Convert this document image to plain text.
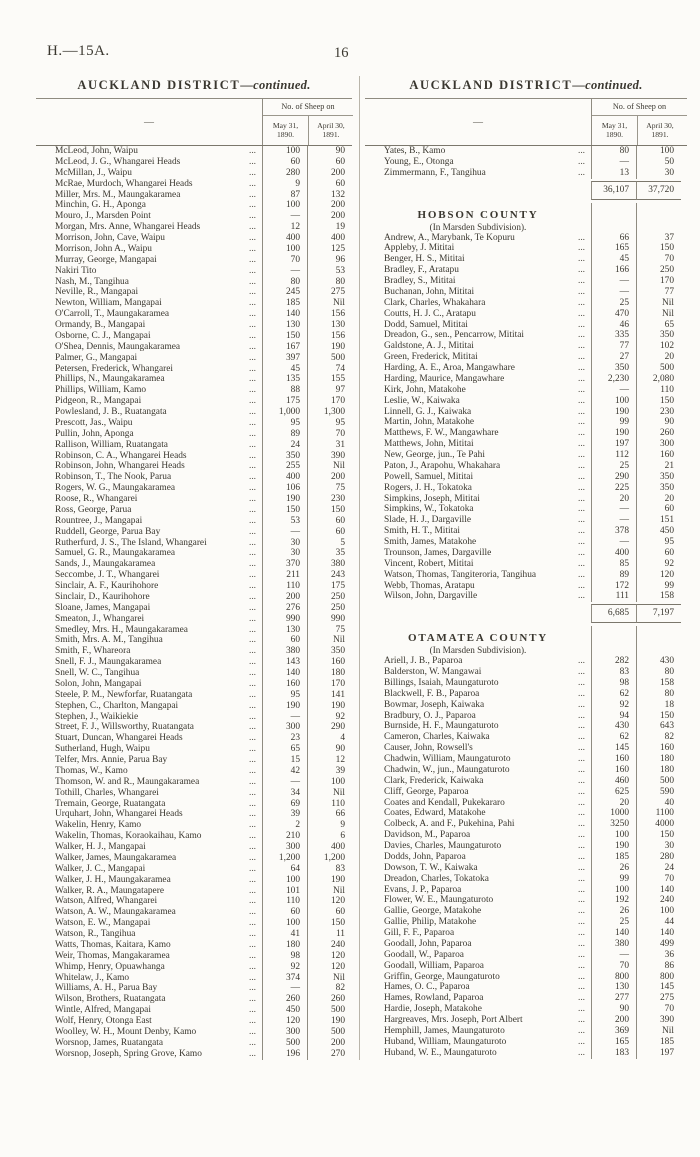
H.—15A.	16
AUCKLAND DISTRICT—continued.
—
No. of Sheep on
May 31,
1890.
April 30,
1891.
McLeod, John, Waipu	...	100	90
McLeod, J. G., Whangarei Heads	...	60	60
McMillan, J., Waipu	...	280	200
McRae, Murdoch, Whangarei Heads	...	9	60
Miller, Mrs. M., Maungakaramea	...	87	132
Minchin, G. H., Aponga	...	100	200
Mouro, J., Marsden Point	...	—	200
Morgan, Mrs. Anne, Whangarei Heads	...	12	19
Morrison, John, Cave, Waipu	...	400	400
Morrison, John A., Waipu	...	100	125
Murray, George, Mangapai	...	70	96
Nakiri Tito	...	—	53
Nash, M., Tangihua	...	80	80
Neville, R., Mangapai	...	245	275
Newton, William, Mangapai	...	185	Nil
O'Carroll, T., Maungakaramea	...	140	156
Ormandy, B., Mangapai	...	130	130
Osborne, C. J., Mangapai	...	150	156
O'Shea, Dennis, Maungakaramea	...	167	190
Palmer, G., Mangapai	...	397	500
Petersen, Frederick, Whangarei	...	45	74
Phillips, N., Maungakaramea	...	135	155
Phillips, William, Kamo	...	88	97
Pidgeon, R., Mangapai	...	175	170
Powlesland, J. B., Ruatangata	...	1,000	1,300
Prescott, Jas., Waipu	...	95	95
Pullin, John, Aponga	...	89	70
Rallison, William, Ruatangata	...	24	31
Robinson, C. A., Whangarei Heads	...	350	390
Robinson, John, Whangarei Heads	...	255	Nil
Robinson, T., The Nook, Parua	...	400	200
Rogers, W. G., Maungakaramea	...	106	75
Roose, R., Whangarei	...	190	230
Ross, George, Parua	...	150	150
Rountree, J., Mangapai	...	53	60
Ruddell, George, Parua Bay	...	—	60
Rutherfurd, J. S., The Island, Whangarei	...	30	5
Samuel, G. R., Maungakaramea	...	30	35
Sands, J., Maungakaramea	...	370	380
Seccombe, J. T., Whangarei	...	211	243
Sinclair, A. F., Kaurihohore	...	110	175
Sinclair, D., Kaurihohore	...	200	250
Sloane, James, Mangapai	...	276	250
Smeaton, J., Whangarei	...	990	990
Smedley, Mrs. H., Maungakaramea	...	130	75
Smith, Mrs. A. M., Tangihua	...	60	Nil
Smith, F., Whareora	...	380	350
Snell, F. J., Maungakaramea	...	143	160
Snell, W. C., Tangihua	...	140	180
Solon, John, Mangapai	...	160	170
Steele, P. M., Newforfar, Ruatangata	...	95	141
Stephen, C., Charlton, Mangapai	...	190	190
Stephen, J., Waikiekie	...	—	92
Street, F. J., Willsworthy, Ruatangata	...	300	290
Stuart, Duncan, Whangarei Heads	...	23	4
Sutherland, Hugh, Waipu	...	65	90
Telfer, Mrs. Annie, Parua Bay	...	15	12
Thomas, W., Kamo	...	42	39
Thomson, W. and R., Maungakaramea	...	—	100
Tothill, Charles, Whangarei	...	34	Nil
Tremain, George, Ruatangata	...	69	110
Urquhart, John, Whangarei Heads	...	39	66
Wakelin, Henry, Kamo	...	2	9
Wakelin, Thomas, Koraokaihau, Kamo	...	210	6
Walker, H. J., Mangapai	...	300	400
Walker, James, Maungakaramea	...	1,200	1,200
Walker, J. C., Mangapai	...	64	83
Walker, J. H., Maungakaramea	...	100	190
Walker, R. A., Maungatapere	...	101	Nil
Watson, Alfred, Whangarei	...	110	120
Watson, A. W., Maungakaramea	...	60	60
Watson, E. W., Mangapai	...	100	150
Watson, R., Tangihua	...	41	11
Watts, Thomas, Kaitara, Kamo	...	180	240
Weir, Thomas, Mangakaramea	...	98	120
Whimp, Henry, Opuawhanga	...	92	120
Whitelaw, J., Kamo	...	374	Nil
Williams, A. H., Parua Bay	...	—	82
Wilson, Brothers, Ruatangata	...	260	260
Wintle, Alfred, Mangapai	...	450	500
Wolf, Henry, Otonga East	...	120	190
Woolley, W. H., Mount Denby, Kamo	...	300	500
Worsnop, James, Ruatangata	...	500	200
Worsnop, Joseph, Spring Grove, Kamo	...	196	270
AUCKLAND DISTRICT—continued.
—
No. of Sheep on
May 31,
1890.
April 30,
1891.
Yates, B., Kamo	...	80	100
Young, E., Otonga	...	—	50
Zimmermann, F., Tangihua	...	13	30
36,107	37,720
HOBSON COUNTY
(In Marsden Subdivision).
Andrew, A., Marybank, Te Kopuru	...	66	37
Appleby, J. Mititai	...	165	150
Benger, H. S., Mititai	...	45	70
Bradley, F., Aratapu	...	166	250
Bradley, S., Mititai	...	—	170
Buchanan, John, Mititai	...	—	77
Clark, Charles, Whakahara	...	25	Nil
Coutts, H. J. C., Aratapu	...	470	Nil
Dodd, Samuel, Mititai	...	46	65
Dreadon, G., sen., Pencarrow, Mititai	...	335	350
Galdstone, A. J., Mititai	...	77	102
Green, Frederick, Mititai	...	27	20
Harding, A. E., Aroa, Mangawhare	...	350	500
Harding, Maurice, Mangawhare	...	2,230	2,080
Kirk, John, Matakohe	...	—	110
Leslie, W., Kaiwaka	...	100	150
Linnell, G. J., Kaiwaka	...	190	230
Martin, John, Matakohe	...	99	90
Matthews, F. W., Mangawhare	...	190	260
Matthews, John, Mititai	...	197	300
New, George, jun., Te Pahi	...	112	160
Paton, J., Arapohu, Whakahara	...	25	21
Powell, Samuel, Mititai	...	290	350
Rogers, J. H., Tokatoka	...	225	350
Simpkins, Joseph, Mititai	...	20	20
Simpkins, W., Tokatoka	...	—	60
Slade, H. J., Dargaville	...	—	151
Smith, H. T., Mititai	...	378	450
Smith, James, Matakohe	...	—	95
Trounson, James, Dargaville	...	400	60
Vincent, Robert, Mititai	...	85	92
Watson, Thomas, Tangiteroria, Tangihua	...	89	120
Webb, Thomas, Aratapu	...	172	99
Wilson, John, Dargaville	...	111	158
6,685	7,197
OTAMATEA COUNTY
(In Marsden Subdivision).
Ariell, J. B., Paparoa	...	282	430
Balderston, W. Mangawai	...	83	80
Billings, Isaiah, Maungaturoto	...	98	158
Blackwell, F. B., Paparoa	...	62	80
Bowmar, Joseph, Kaiwaka	...	92	18
Bradbury, O. J., Paparoa	...	94	150
Burnside, H. F., Maungaturoto	...	430	643
Cameron, Charles, Kaiwaka	...	62	82
Causer, John, Rowsell's	...	145	160
Chadwin, William, Maungaturoto	...	160	180
Chadwin, W., jun., Maungaturoto	...	160	180
Clark, Frederick, Kaiwaka	...	460	500
Cliff, George, Paparoa	...	625	590
Coates and Kendall, Pukekararo	...	20	40
Coates, Edward, Matakohe	...	1000	1100
Colbeck, A. and F., Pukehina, Pahi	...	3250	4000
Davidson, M., Paparoa	...	100	150
Davies, Charles, Maungaturoto	...	190	30
Dodds, John, Paparoa	...	185	280
Dowson, T. W., Kaiwaka	...	26	24
Dreadon, Charles, Tokatoka	...	99	70
Evans, J. P., Paparoa	...	100	140
Flower, W. E., Maungaturoto	...	192	240
Gallie, George, Matakohe	...	26	100
Gallie, Philip, Matakohe	...	25	44
Gill, F. F., Paparoa	...	140	140
Goodall, John, Paparoa	...	380	499
Goodall, W., Paparoa	...	—	36
Goodall, William, Paparoa	...	70	86
Griffin, George, Maungaturoto	...	800	800
Hames, O. C., Paparoa	...	130	145
Hames, Rowland, Paparoa	...	277	275
Hardie, Joseph, Matakohe	...	90	70
Hargreaves, Mrs. Joseph, Port Albert	...	200	390
Hemphill, James, Maungaturoto	...	369	Nil
Huband, William, Maungaturoto	...	165	185
Huband, W. E., Maungaturoto	...	183	197
